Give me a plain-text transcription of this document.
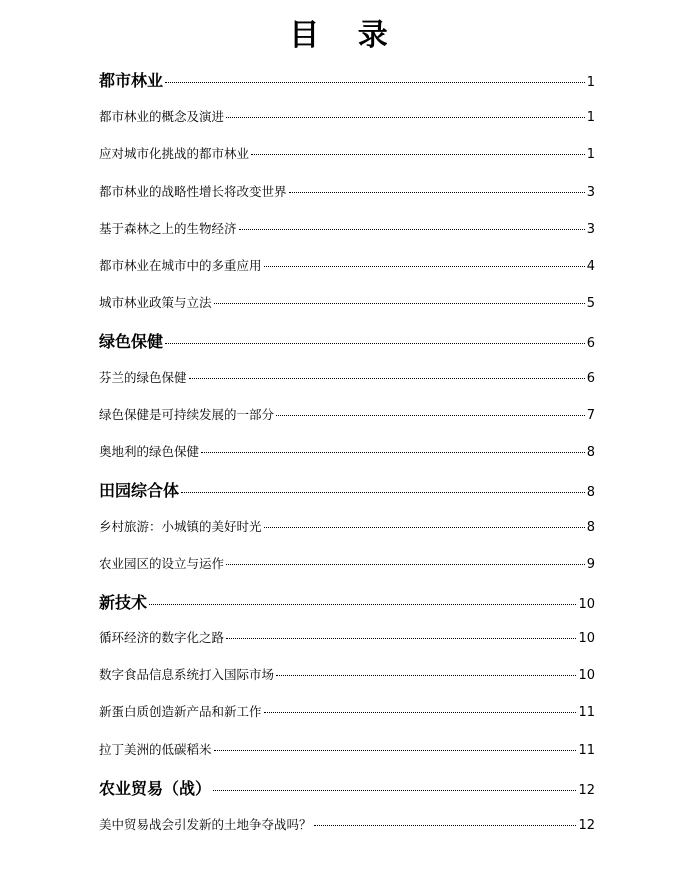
目 录
都市林业	1
都市林业的概念及演进	1
应对城市化挑战的都市林业	1
都市林业的战略性增长将改变世界	3
基于森林之上的生物经济	3
都市林业在城市中的多重应用	4
城市林业政策与立法	5
绿色保健	6
芬兰的绿色保健	6
绿色保健是可持续发展的一部分	7
奥地利的绿色保健	8
田园综合体	8
乡村旅游：小城镇的美好时光	8
农业园区的设立与运作	9
新技术	10
循环经济的数字化之路	10
数字食品信息系统打入国际市场	10
新蛋白质创造新产品和新工作	11
拉丁美洲的低碳稻米	11
农业贸易（战）	12
美中贸易战会引发新的土地争夺战吗？	12
